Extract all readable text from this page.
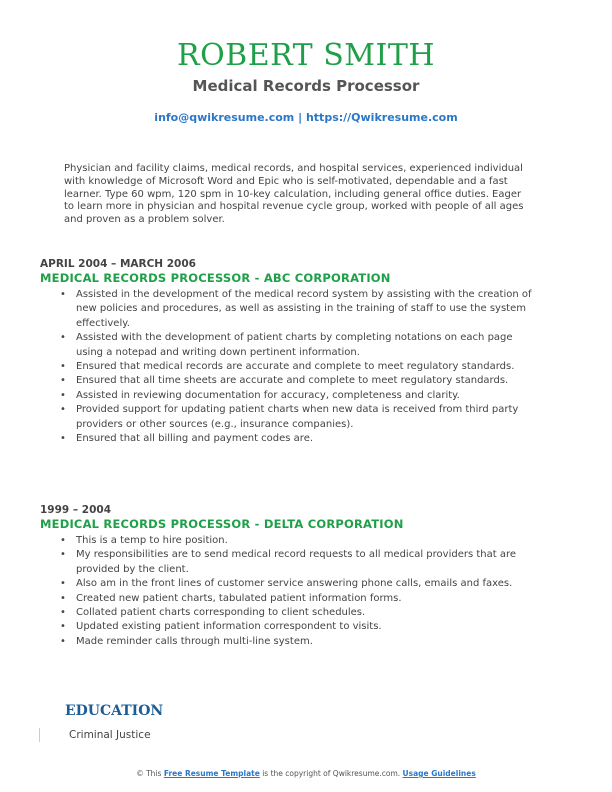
ROBERT SMITH
Medical Records Processor
info@qwikresume.com | https://Qwikresume.com
Physician and facility claims, medical records, and hospital services, experienced individual with knowledge of Microsoft Word and Epic who is self-motivated, dependable and a fast learner. Type 60 wpm, 120 spm in 10-key calculation, including general office duties. Eager to learn more in physician and hospital revenue cycle group, worked with people of all ages and proven as a problem solver.
APRIL 2004 – MARCH 2006
MEDICAL RECORDS PROCESSOR - ABC CORPORATION
• Assisted in the development of the medical record system by assisting with the creation of new policies and procedures, as well as assisting in the training of staff to use the system effectively.
• Assisted with the development of patient charts by completing notations on each page using a notepad and writing down pertinent information.
• Ensured that medical records are accurate and complete to meet regulatory standards.
• Ensured that all time sheets are accurate and complete to meet regulatory standards.
• Assisted in reviewing documentation for accuracy, completeness and clarity.
• Provided support for updating patient charts when new data is received from third party providers or other sources (e.g., insurance companies).
• Ensured that all billing and payment codes are.
1999 – 2004
MEDICAL RECORDS PROCESSOR - DELTA CORPORATION
• This is a temp to hire position.
• My responsibilities are to send medical record requests to all medical providers that are provided by the client.
• Also am in the front lines of customer service answering phone calls, emails and faxes.
• Created new patient charts, tabulated patient information forms.
• Collated patient charts corresponding to client schedules.
• Updated existing patient information correspondent to visits.
• Made reminder calls through multi-line system.
EDUCATION
Criminal Justice
© This Free Resume Template is the copyright of Qwikresume.com. Usage Guidelines
